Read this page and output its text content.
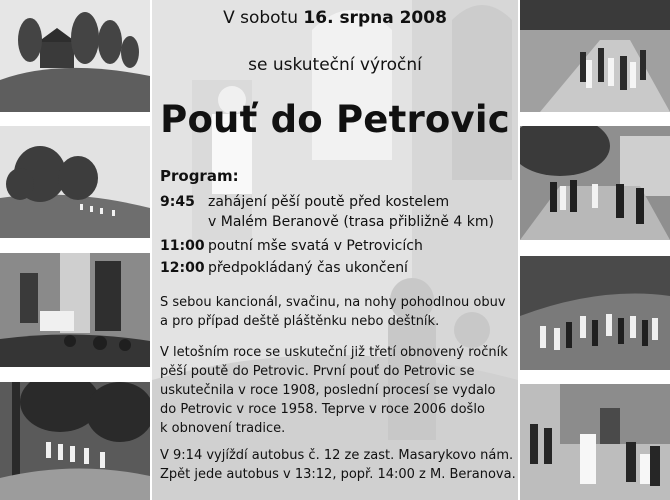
V sobotu 16. srpna 2008
se uskuteční výroční
Pouť do Petrovic
Program:
9:45 zahájení pěší poutě před kostelem
v Malém Beranově (trasa přibližně 4 km)
11:00 poutní mše svatá v Petrovicích
12:00 předpokládaný čas ukončení
S sebou kancionál, svačinu, na nohy pohodlnou obuv
a pro případ deště pláštěnku nebo deštník.
V letošním roce se uskuteční již třetí obnovený ročník
pěší poutě do Petrovic. První pouť do Petrovic se
uskutečnila v roce 1908, poslední procesí se vydalo
do Petrovic v roce 1958. Teprve v roce 2006 došlo
k obnovení tradice.
V 9:14 vyjíždí autobus č. 12 ze zast. Masarykovo nám.
Zpět jede autobus v 13:12, popř. 14:00 z M. Beranova.
